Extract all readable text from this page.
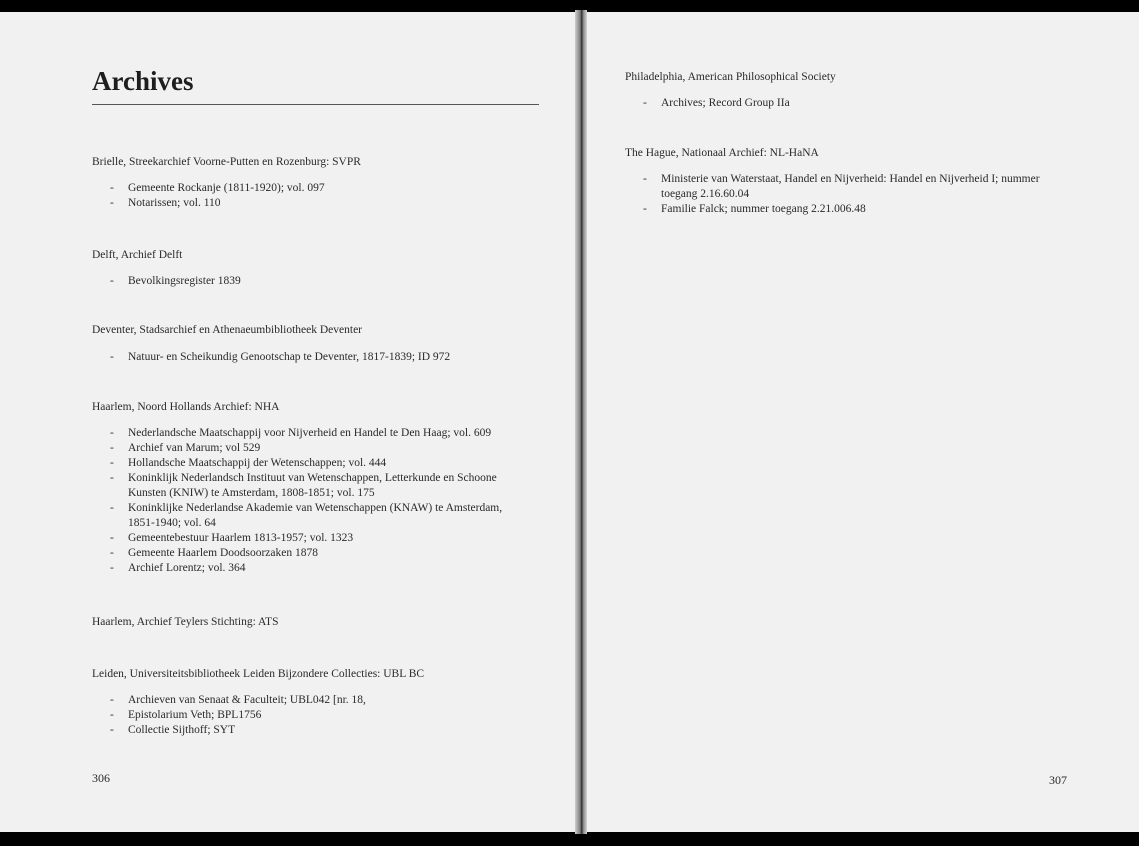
Archives

Brielle, Streekarchief Voorne-Putten en Rozenburg: SVPR

- Gemeente Rockanje (1811-1920); vol. 097
- Notarissen; vol. 110

Delft, Archief Delft

- Bevolkingsregister 1839

Deventer, Stadsarchief en Athenaeumbibliotheek Deventer

- Natuur- en Scheikundig Genootschap te Deventer, 1817-1839; ID 972

Haarlem, Noord Hollands Archief: NHA

- Nederlandsche Maatschappij voor Nijverheid en Handel te Den Haag; vol. 609
- Archief van Marum; vol 529
- Hollandsche Maatschappij der Wetenschappen; vol. 444
- Koninklijk Nederlandsch Instituut van Wetenschappen, Letterkunde en Schoone Kunsten (KNIW) te Amsterdam, 1808-1851; vol. 175
- Koninklijke Nederlandse Akademie van Wetenschappen (KNAW) te Amsterdam, 1851-1940; vol. 64
- Gemeentebestuur Haarlem 1813-1957; vol. 1323
- Gemeente Haarlem Doodsoorzaken 1878
- Archief Lorentz; vol. 364

Haarlem, Archief Teylers Stichting: ATS

Leiden, Universiteitsbibliotheek Leiden Bijzondere Collecties: UBL BC

- Archieven van Senaat & Faculteit; UBL042 [nr. 18,
- Epistolarium Veth; BPL1756
- Collectie Sijthoff; SYT
306

Philadelphia, American Philosophical Society

- Archives; Record Group IIa

The Hague, Nationaal Archief: NL-HaNA

- Ministerie van Waterstaat, Handel en Nijverheid: Handel en Nijverheid I; nummer toegang 2.16.60.04
- Familie Falck; nummer toegang 2.21.006.48
307
